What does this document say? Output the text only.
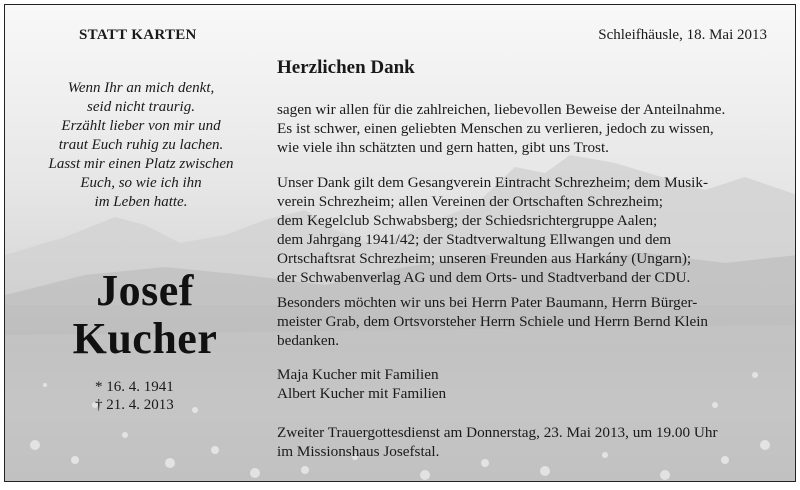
STATT KARTEN	Schleifhäusle, 18. Mai 2013
Wenn Ihr an mich denkt,
seid nicht traurig.
Erzählt lieber von mir und
traut Euch ruhig zu lachen.
Lasst mir einen Platz zwischen
Euch, so wie ich ihn
im Leben hatte.
Josef
Kucher
* 16. 4. 1941
† 21. 4. 2013
Herzlichen Dank
sagen wir allen für die zahlreichen, liebevollen Beweise der Anteilnahme.
Es ist schwer, einen geliebten Menschen zu verlieren, jedoch zu wissen,
wie viele ihn schätzten und gern hatten, gibt uns Trost.
Unser Dank gilt dem Gesangverein Eintracht Schrezheim; dem Musik-
verein Schrezheim; allen Vereinen der Ortschaften Schrezheim;
dem Kegelclub Schwabsberg; der Schiedsrichtergruppe Aalen;
dem Jahrgang 1941/42; der Stadtverwaltung Ellwangen und dem
Ortschaftsrat Schrezheim; unseren Freunden aus Harkány (Ungarn);
der Schwabenverlag AG und dem Orts- und Stadtverband der CDU.
Besonders möchten wir uns bei Herrn Pater Baumann, Herrn Bürger-
meister Grab, dem Ortsvorsteher Herrn Schiele und Herrn Bernd Klein
bedanken.
Maja Kucher mit Familien
Albert Kucher mit Familien
Zweiter Trauergottesdienst am Donnerstag, 23. Mai 2013, um 19.00 Uhr
im Missionshaus Josefstal.
